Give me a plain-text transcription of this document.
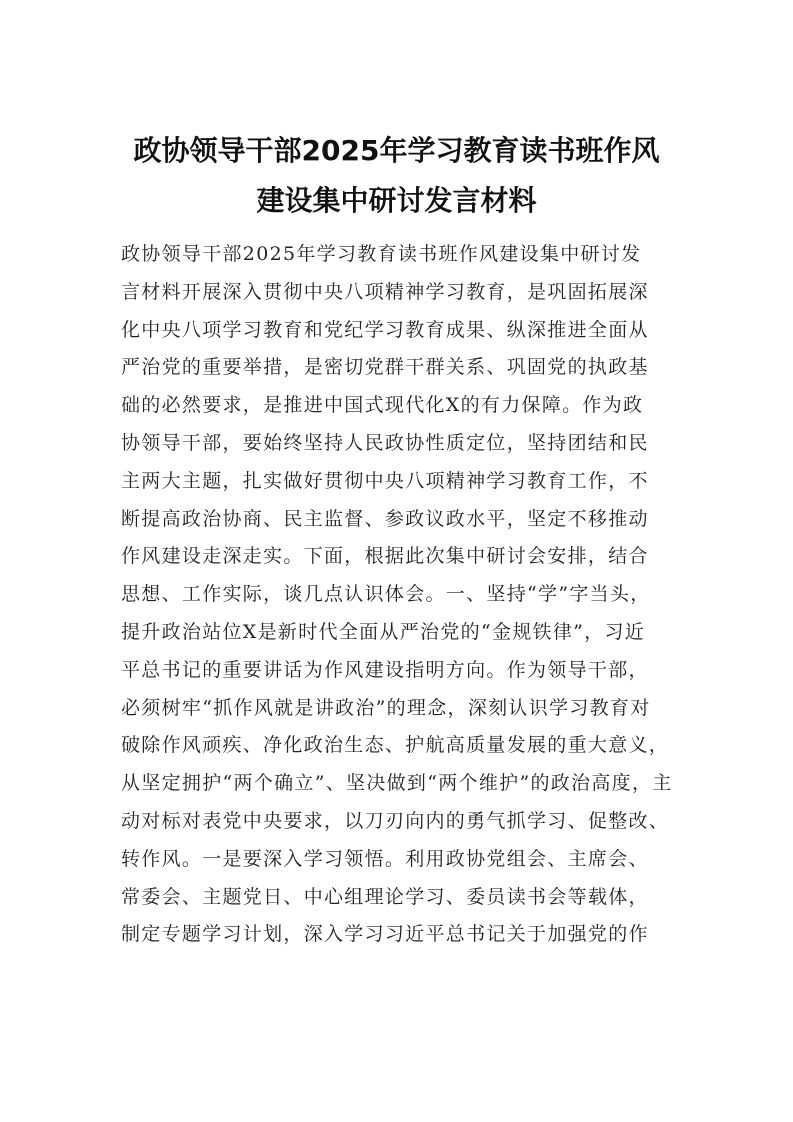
政协领导干部2025年学习教育读书班作风
建设集中研讨发言材料
政协领导干部2025年学习教育读书班作风建设集中研讨发
言材料开展深入贯彻中央八项精神学习教育，是巩固拓展深
化中央八项学习教育和党纪学习教育成果、纵深推进全面从
严治党的重要举措，是密切党群干群关系、巩固党的执政基
础的必然要求，是推进中国式现代化X的有力保障。作为政
协领导干部，要始终坚持人民政协性质定位，坚持团结和民
主两大主题，扎实做好贯彻中央八项精神学习教育工作，不
断提高政治协商、民主监督、参政议政水平，坚定不移推动
作风建设走深走实。下面，根据此次集中研讨会安排，结合
思想、工作实际，谈几点认识体会。一、坚持“学”字当头，
提升政治站位X是新时代全面从严治党的“金规铁律”，习近
平总书记的重要讲话为作风建设指明方向。作为领导干部，
必须树牢“抓作风就是讲政治”的理念，深刻认识学习教育对
破除作风顽疾、净化政治生态、护航高质量发展的重大意义，
从坚定拥护“两个确立”、坚决做到“两个维护”的政治高度，主
动对标对表党中央要求，以刀刃向内的勇气抓学习、促整改、
转作风。一是要深入学习领悟。利用政协党组会、主席会、
常委会、主题党日、中心组理论学习、委员读书会等载体，
制定专题学习计划，深入学习习近平总书记关于加强党的作
